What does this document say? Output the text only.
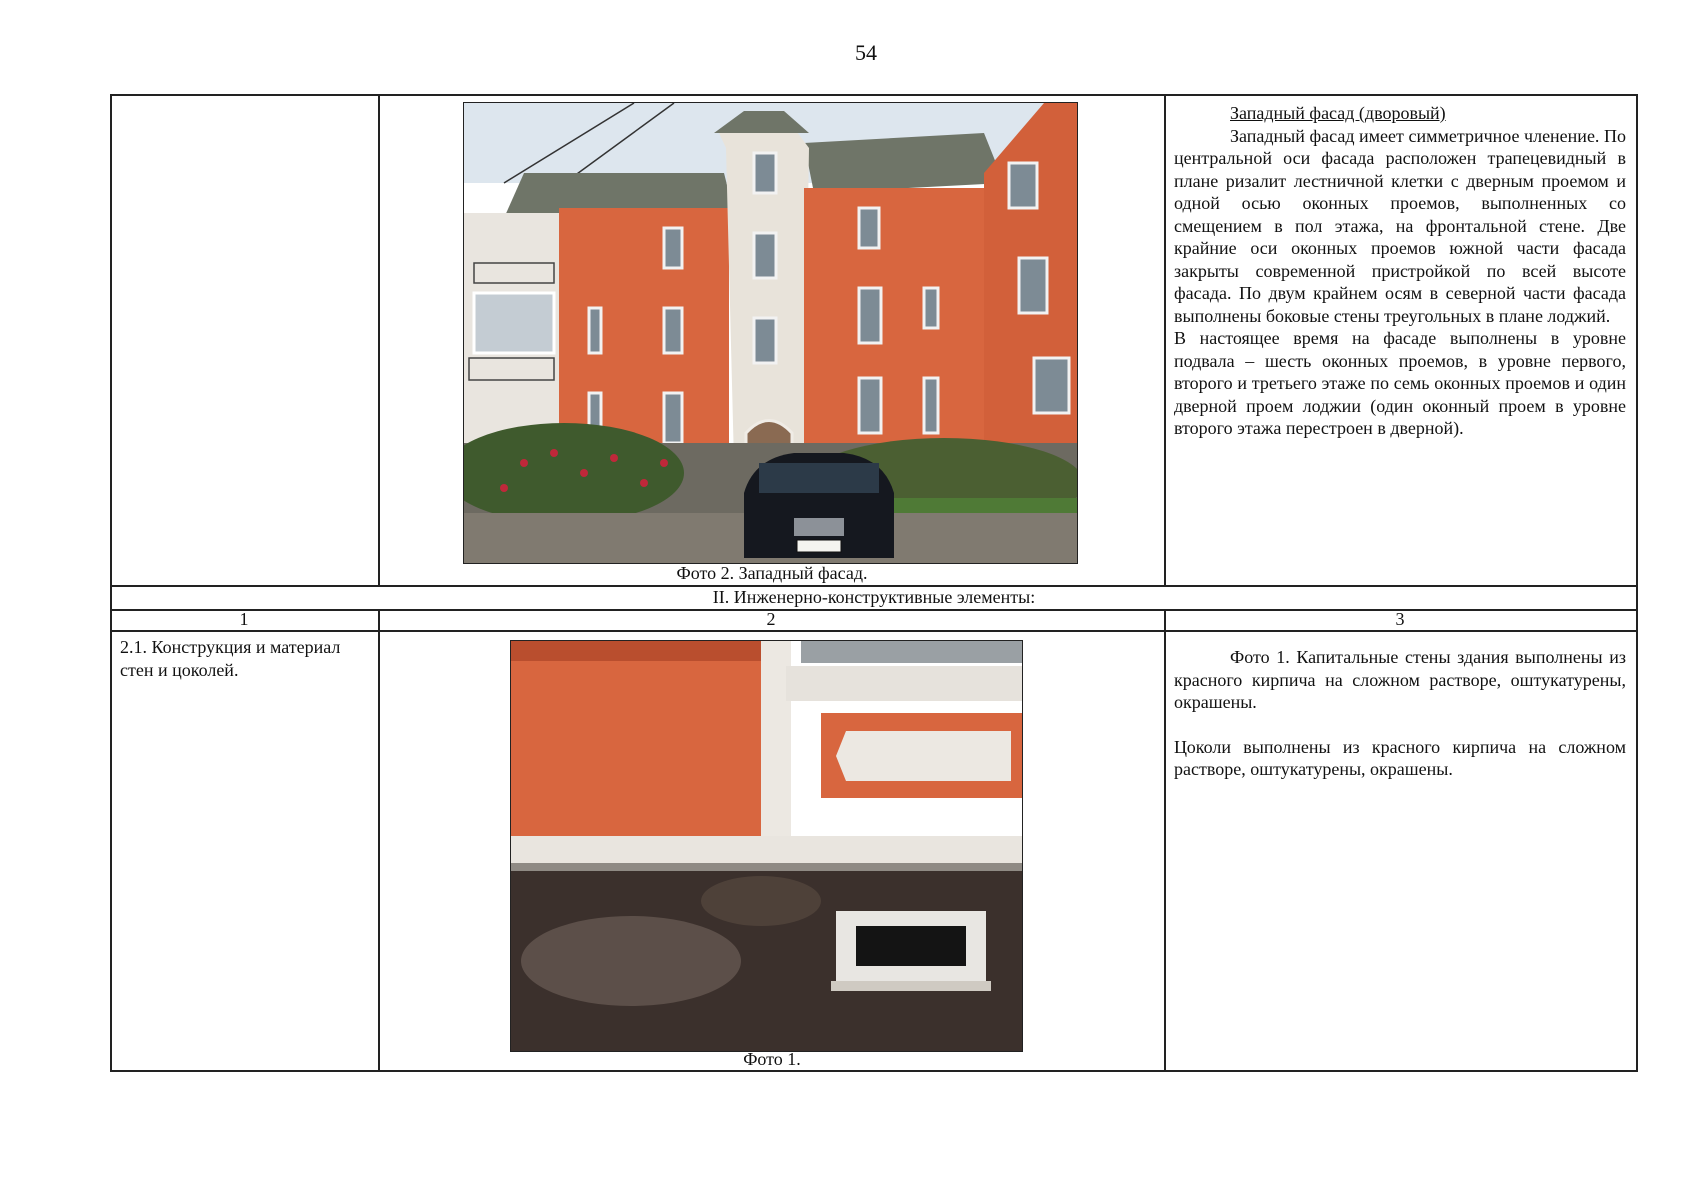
54
Фото 2. Западный фасад.
Западный фасад (дворовый)
Западный фасад имеет симметричное членение. По центральной оси фасада расположен трапецевидный в плане ризалит лестничной клетки с дверным проемом и одной осью оконных проемов, выполненных со смещением в пол этажа, на фронтальной стене. Две крайние оси оконных проемов южной части фасада закрыты современной пристройкой по всей высоте фасада. По двум крайнем осям в северной части фасада выполнены боковые стены треугольных в плане лоджий.
В настоящее время на фасаде выполнены в уровне подвала – шесть оконных проемов, в уровне первого, второго и третьего этаже по семь оконных проемов и один дверной проем лоджии (один оконный проем в уровне второго этажа перестроен в дверной).
II. Инженерно-конструктивные элементы:
1	2	3
2.1. Конструкция и материал стен и цоколей.
Фото 1.
Фото 1. Капитальные стены здания выполнены из красного кирпича на сложном растворе, оштукатурены, окрашены.
Цоколи выполнены из красного кирпича на сложном растворе, оштукатурены, окрашены.
